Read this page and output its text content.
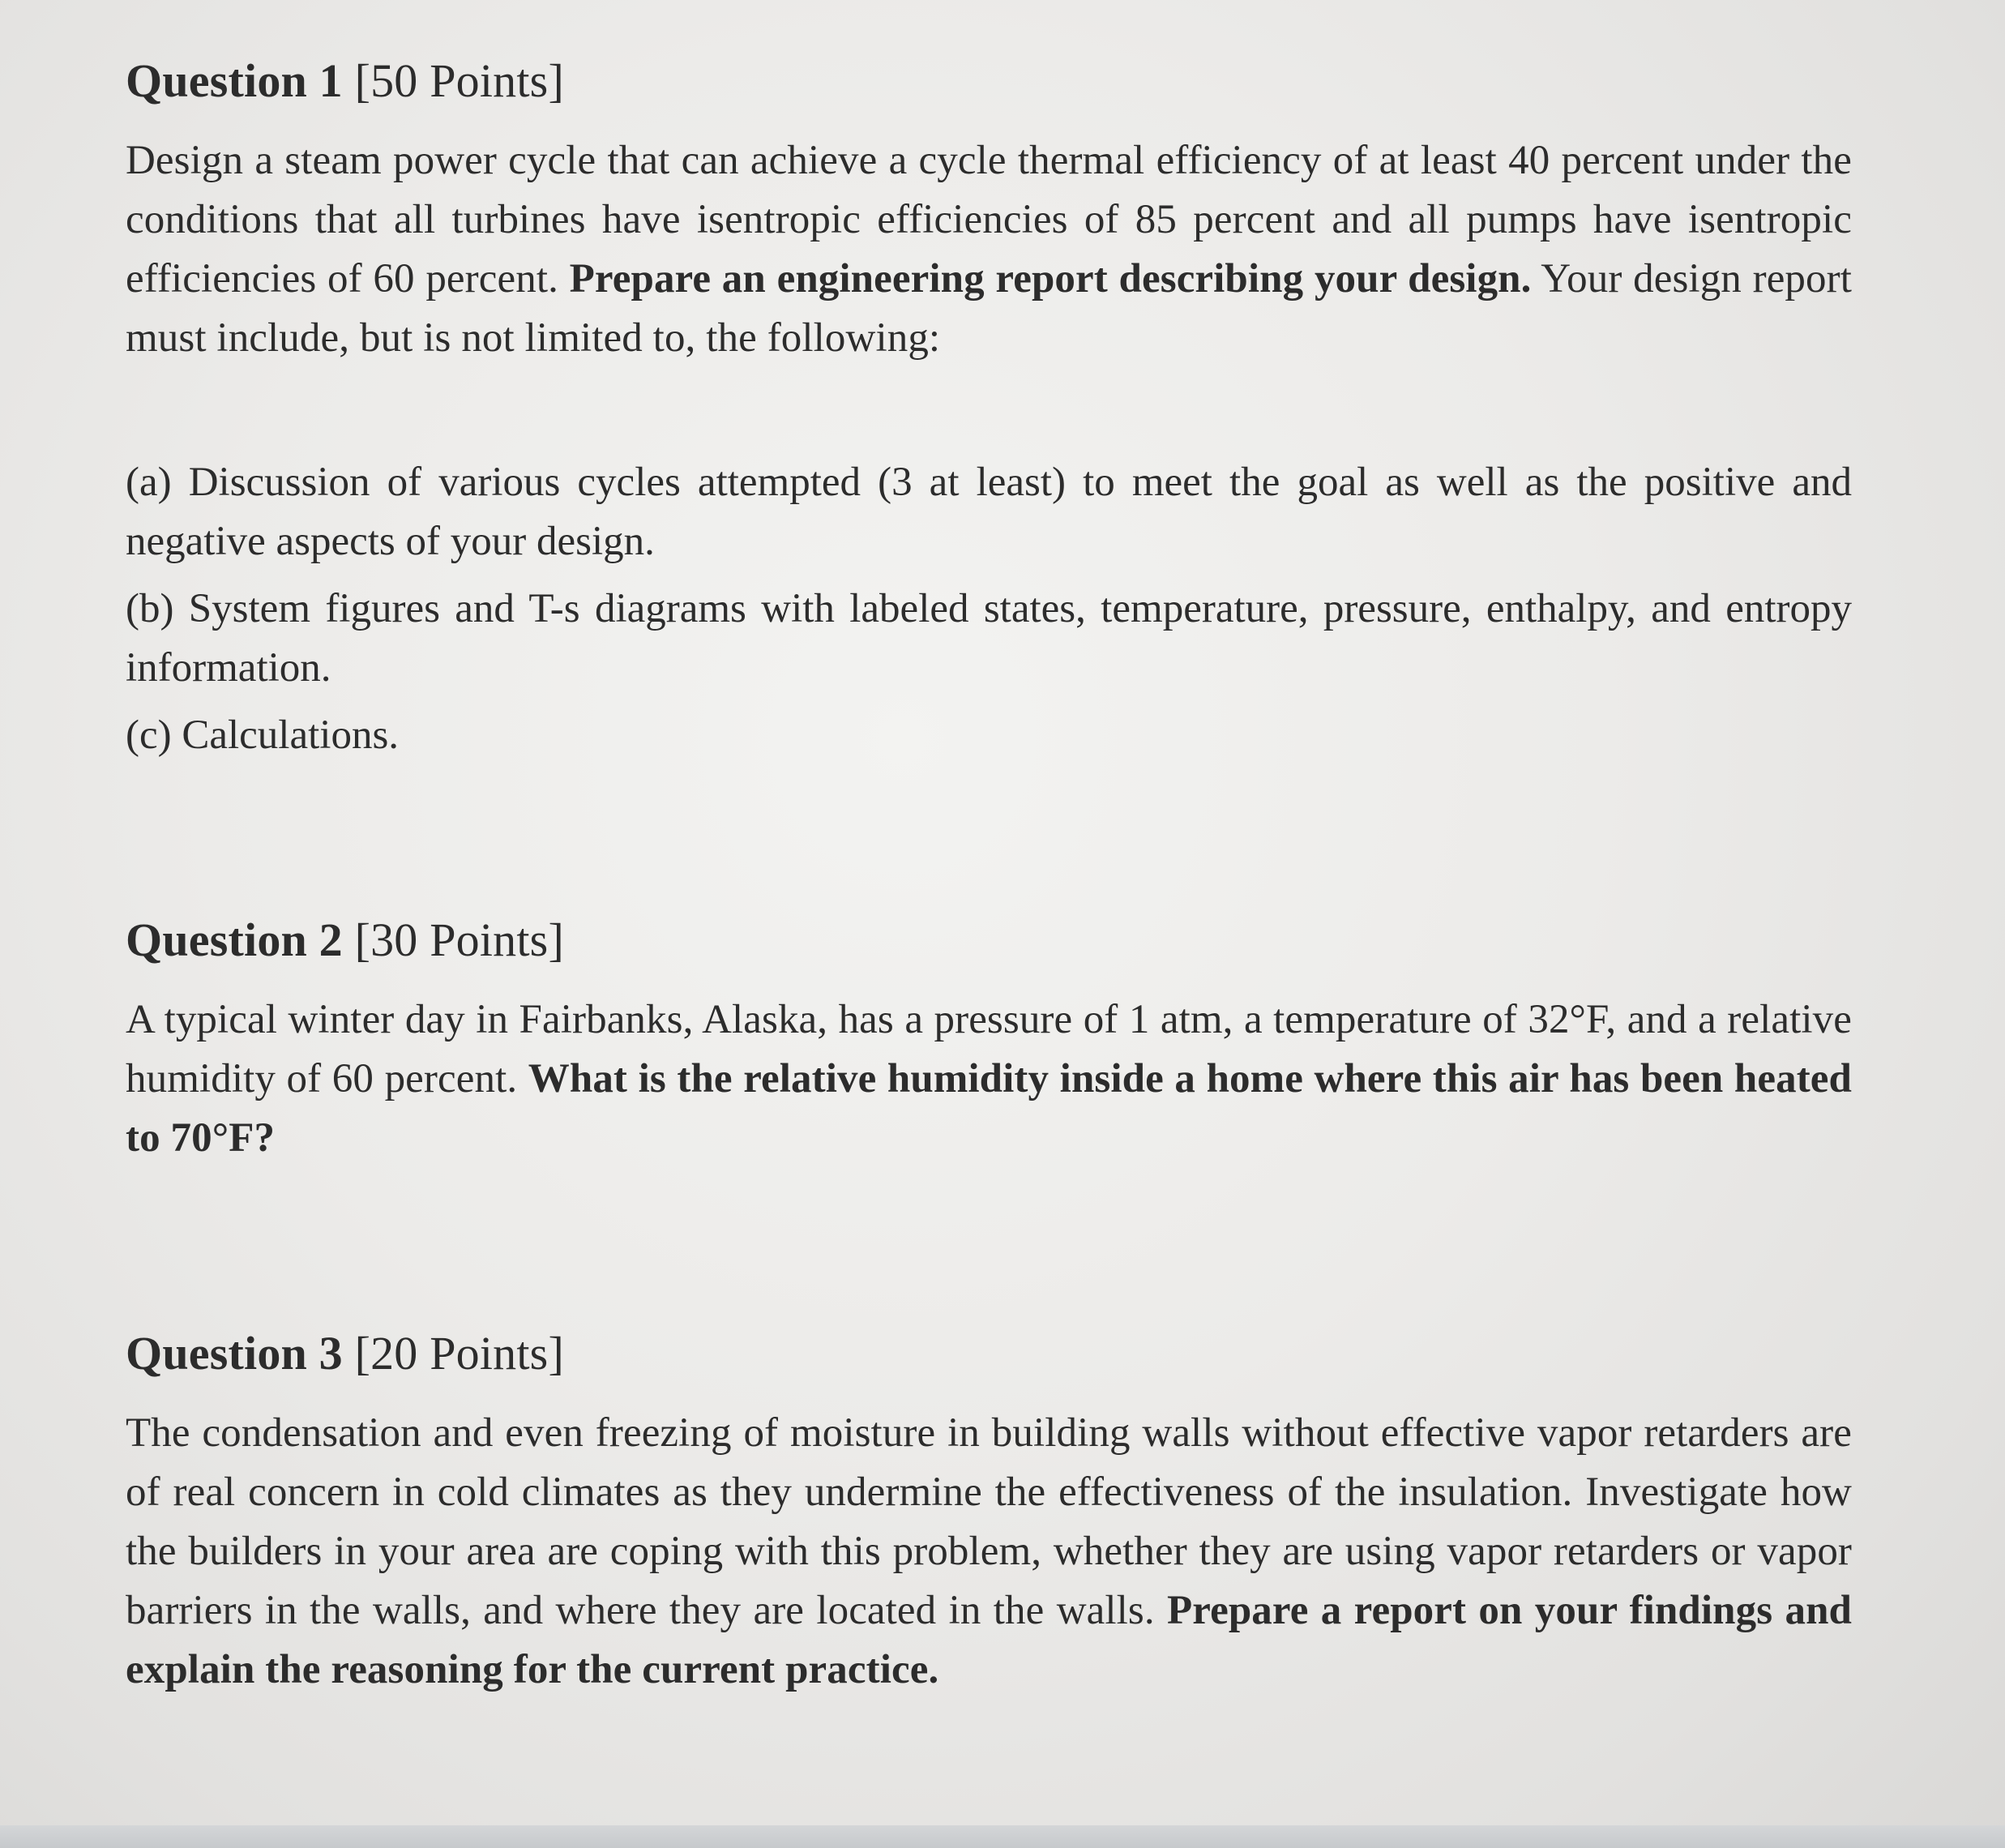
Question 1 [50 Points]

Design a steam power cycle that can achieve a cycle thermal efficiency of at least 40 percent under the conditions that all turbines have isentropic efficiencies of 85 percent and all pumps have isentropic efficiencies of 60 percent. Prepare an engineering report describing your design. Your design report must include, but is not limited to, the following:

(a) Discussion of various cycles attempted (3 at least) to meet the goal as well as the positive and negative aspects of your design.

(b) System figures and T-s diagrams with labeled states, temperature, pressure, enthalpy, and entropy information.

(c) Calculations.

Question 2 [30 Points]

A typical winter day in Fairbanks, Alaska, has a pressure of 1 atm, a temperature of 32°F, and a relative humidity of 60 percent. What is the relative humidity inside a home where this air has been heated to 70°F?

Question 3 [20 Points]

The condensation and even freezing of moisture in building walls without effective vapor retarders are of real concern in cold climates as they undermine the effectiveness of the insulation. Investigate how the builders in your area are coping with this problem, whether they are using vapor retarders or vapor barriers in the walls, and where they are located in the walls. Prepare a report on your findings and explain the reasoning for the current practice.
